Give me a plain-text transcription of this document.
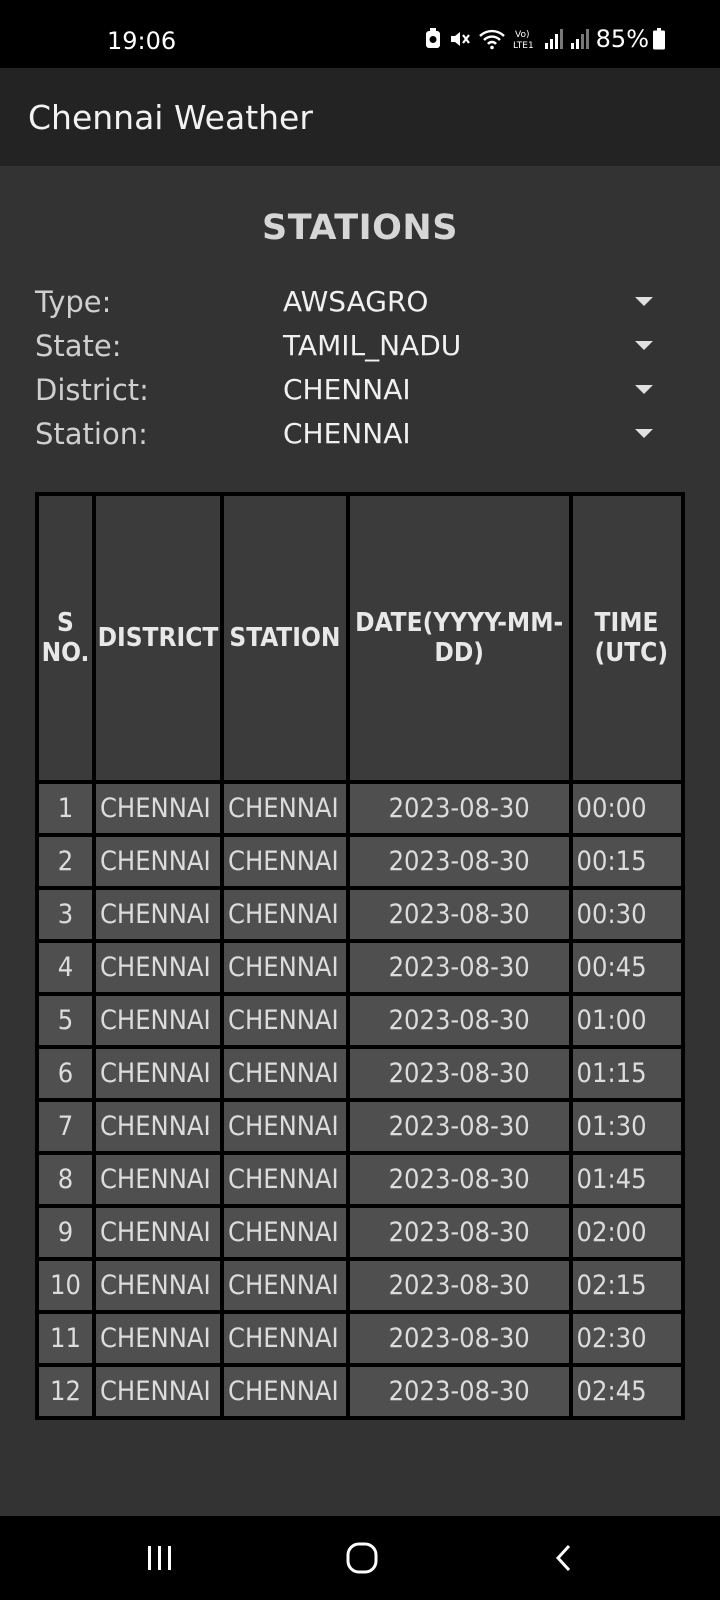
19:06	Vo)
LTE1	85%
Chennai Weather
STATIONS
Type:	AWSAGRO
State:	TAMIL_NADU
District:	CHENNAI
Station:	CHENNAI
S NO.	DISTRICT	STATION	DATE(YYYY-MM-DD)	TIME (UTC)
1	CHENNAI	CHENNAI	2023-08-30	00:00
2	CHENNAI	CHENNAI	2023-08-30	00:15
3	CHENNAI	CHENNAI	2023-08-30	00:30
4	CHENNAI	CHENNAI	2023-08-30	00:45
5	CHENNAI	CHENNAI	2023-08-30	01:00
6	CHENNAI	CHENNAI	2023-08-30	01:15
7	CHENNAI	CHENNAI	2023-08-30	01:30
8	CHENNAI	CHENNAI	2023-08-30	01:45
9	CHENNAI	CHENNAI	2023-08-30	02:00
10	CHENNAI	CHENNAI	2023-08-30	02:15
11	CHENNAI	CHENNAI	2023-08-30	02:30
12	CHENNAI	CHENNAI	2023-08-30	02:45
